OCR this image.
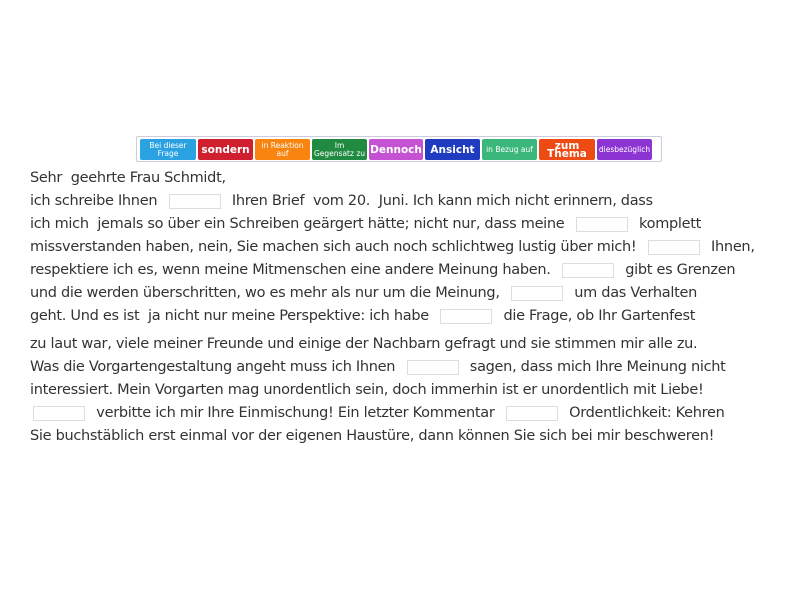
Bei dieser Frage	sondern	in Reaktion auf
Im Gegensatz zu Dennoch Ansicht	in Bezug auf	zum Thema	diesbezüglich
Sehr  geehrte Frau Schmidt,
ich schreibe Ihnen	Ihren Brief  vom 20.  Juni. Ich kann mich nicht erinnern, dass
ich mich  jemals so über ein Schreiben geärgert hätte; nicht nur, dass meine	komplett
missverstanden haben, nein, Sie machen sich auch noch schlichtweg lustig über mich!	Ihnen,
respektiere ich es, wenn meine Mitmenschen eine andere Meinung haben.	gibt es Grenzen
und die werden überschritten, wo es mehr als nur um die Meinung,	um das Verhalten
geht. Und es ist  ja nicht nur meine Perspektive: ich habe	die Frage, ob Ihr Gartenfest
zu laut war, viele meiner Freunde und einige der Nachbarn gefragt und sie stimmen mir alle zu.
Was die Vorgartengestaltung angeht muss ich Ihnen	sagen, dass mich Ihre Meinung nicht
interessiert. Mein Vorgarten mag unordentlich sein, doch immerhin ist er unordentlich mit Liebe!
verbitte ich mir Ihre Einmischung! Ein letzter Kommentar	Ordentlichkeit: Kehren
Sie buchstäblich erst einmal vor der eigenen Haustüre, dann können Sie sich bei mir beschweren!
